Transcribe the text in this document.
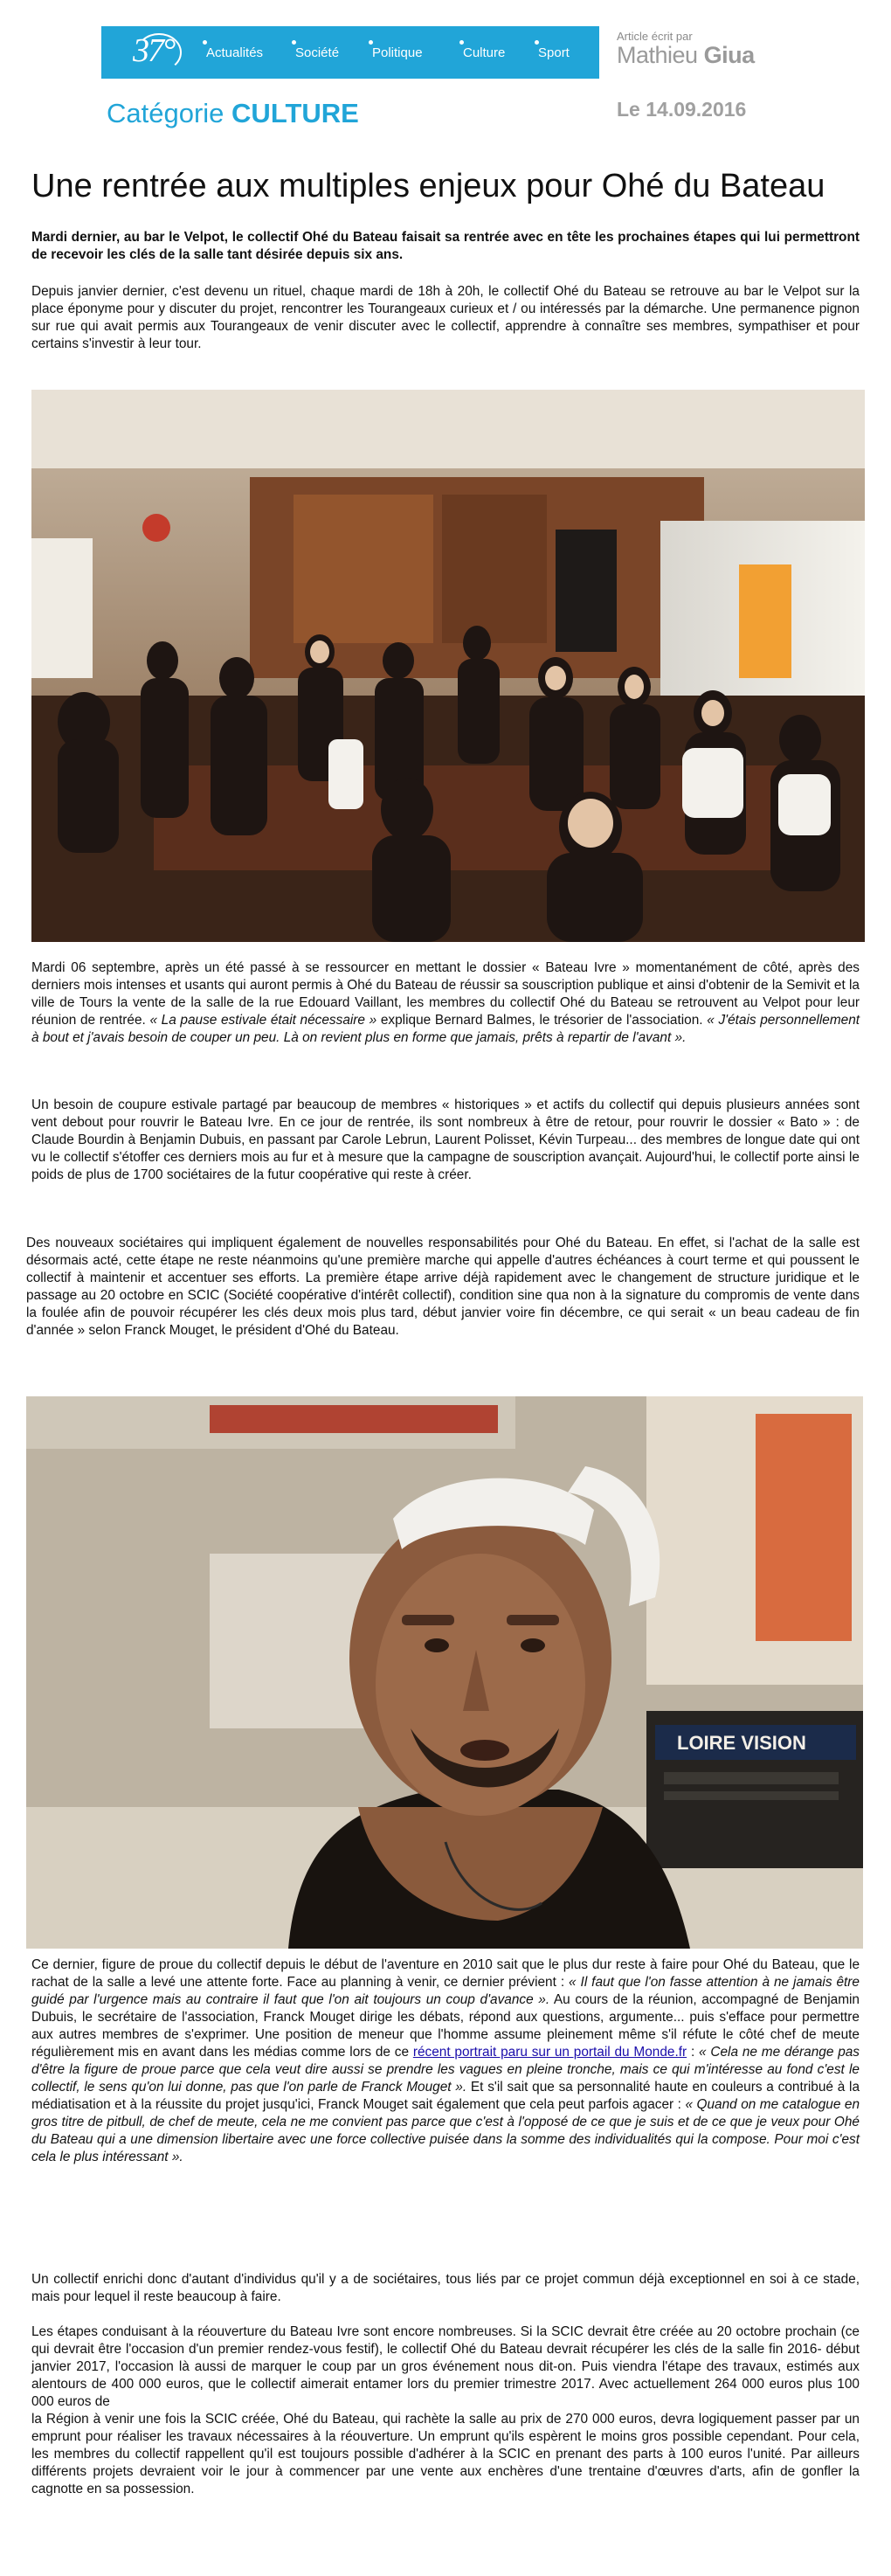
37° Actualités Société	Politique	Culture	Sport
Article écrit par
Mathieu Giua
Catégorie CULTURE	Le 14.09.2016
Une rentrée aux multiples enjeux pour Ohé du Bateau

Mardi dernier, au bar le Velpot, le collectif Ohé du Bateau faisait sa rentrée avec en tête les prochaines étapes qui lui permettront de recevoir les clés de la salle tant désirée depuis six ans.

Depuis janvier dernier, c'est devenu un rituel, chaque mardi de 18h à 20h, le collectif Ohé du Bateau se retrouve au bar le Velpot sur la place éponyme pour y discuter du projet, rencontrer les Tourangeaux curieux et / ou intéressés par la démarche. Une permanence pignon sur rue qui avait permis aux Tourangeaux de venir discuter avec le collectif, apprendre à connaître ses membres, sympathiser et pour certains s'investir à leur tour.

Mardi 06 septembre, après un été passé à se ressourcer en mettant le dossier « Bateau Ivre » momentanément de côté, après des derniers mois intenses et usants qui auront permis à Ohé du Bateau de réussir sa souscription publique et ainsi d'obtenir de la Semivit et la ville de Tours la vente de la salle de la rue Edouard Vaillant, les membres du collectif Ohé du Bateau se retrouvent au Velpot pour leur réunion de rentrée. « La pause estivale était nécessaire » explique Bernard Balmes, le trésorier de l'association. « J'étais personnellement à bout et j'avais besoin de couper un peu. Là on revient plus en forme que jamais, prêts à repartir de l'avant ».

Un besoin de coupure estivale partagé par beaucoup de membres « historiques » et actifs du collectif qui depuis plusieurs années sont vent debout pour rouvrir le Bateau Ivre. En ce jour de rentrée, ils sont nombreux à être de retour, pour rouvrir le dossier « Bato » : de Claude Bourdin à Benjamin Dubuis, en passant par Carole Lebrun, Laurent Polisset, Kévin Turpeau... des membres de longue date qui ont vu le collectif s'étoffer ces derniers mois au fur et à mesure que la campagne de souscription avançait. Aujourd'hui, le collectif porte ainsi le poids de plus de 1700 sociétaires de la futur coopérative qui reste à créer.

Des nouveaux sociétaires qui impliquent également de nouvelles responsabilités pour Ohé du Bateau. En effet, si l'achat de la salle est désormais acté, cette étape ne reste néanmoins qu'une première marche qui appelle d'autres échéances à court terme et qui poussent le collectif à maintenir et accentuer ses efforts. La première étape arrive déjà rapidement avec le changement de structure juridique et le passage au 20 octobre en SCIC (Société coopérative d'intérêt collectif), condition sine qua non à la signature du compromis de vente dans la foulée afin de pouvoir récupérer les clés deux mois plus tard, début janvier voire fin décembre, ce qui serait « un beau cadeau de fin d'année » selon Franck Mouget, le président d'Ohé du Bateau.

LOIRE VISION

Ce dernier, figure de proue du collectif depuis le début de l'aventure en 2010 sait que le plus dur reste à faire pour Ohé du Bateau, que le rachat de la salle a levé une attente forte. Face au planning à venir, ce dernier prévient : « Il faut que l'on fasse attention à ne jamais être guidé par l'urgence mais au contraire il faut que l'on ait toujours un coup d'avance ». Au cours de la réunion, accompagné de Benjamin Dubuis, le secrétaire de l'association, Franck Mouget dirige les débats, répond aux questions, argumente... puis s'efface pour permettre aux autres membres de s'exprimer. Une position de meneur que l'homme assume pleinement même s'il réfute le côté chef de meute régulièrement mis en avant dans les médias comme lors de ce récent portrait paru sur un portail du Monde.fr : « Cela ne me dérange pas d'être la figure de proue parce que cela veut dire aussi se prendre les vagues en pleine tronche, mais ce qui m'intéresse au fond c'est le collectif, le sens qu'on lui donne, pas que l'on parle de Franck Mouget ». Et s'il sait que sa personnalité haute en couleurs a contribué à la médiatisation et à la réussite du projet jusqu'ici, Franck Mouget sait également que cela peut parfois agacer : « Quand on me catalogue en gros titre de pitbull, de chef de meute, cela ne me convient pas parce que c'est à l'opposé de ce que je suis et de ce que je veux pour Ohé du Bateau qui a une dimension libertaire avec une force collective puisée dans la somme des individualités qui la compose. Pour moi c'est cela le plus intéressant ».

Un collectif enrichi donc d'autant d'individus qu'il y a de sociétaires, tous liés par ce projet commun déjà exceptionnel en soi à ce stade, mais pour lequel il reste beaucoup à faire.

Les étapes conduisant à la réouverture du Bateau Ivre sont encore nombreuses. Si la SCIC devrait être créée au 20 octobre prochain (ce qui devrait être l'occasion d'un premier rendez-vous festif), le collectif Ohé du Bateau devrait récupérer les clés de la salle fin 2016- début janvier 2017, l'occasion là aussi de marquer le coup par un gros événement nous dit-on. Puis viendra l'étape des travaux, estimés aux alentours de 400 000 euros, que le collectif aimerait entamer lors du premier trimestre 2017. Avec actuellement 264 000 euros plus 100 000 euros de

la Région à venir une fois la SCIC créée, Ohé du Bateau, qui rachète la salle au prix de 270 000 euros, devra logiquement passer par un emprunt pour réaliser les travaux nécessaires à la réouverture. Un emprunt qu'ils espèrent le moins gros possible cependant. Pour cela, les membres du collectif rappellent qu'il est toujours possible d'adhérer à la SCIC en prenant des parts à 100 euros l'unité. Par ailleurs différents projets devraient voir le jour à commencer par une vente aux enchères d'une trentaine d'œuvres d'arts, afin de gonfler la cagnotte en sa possession.
